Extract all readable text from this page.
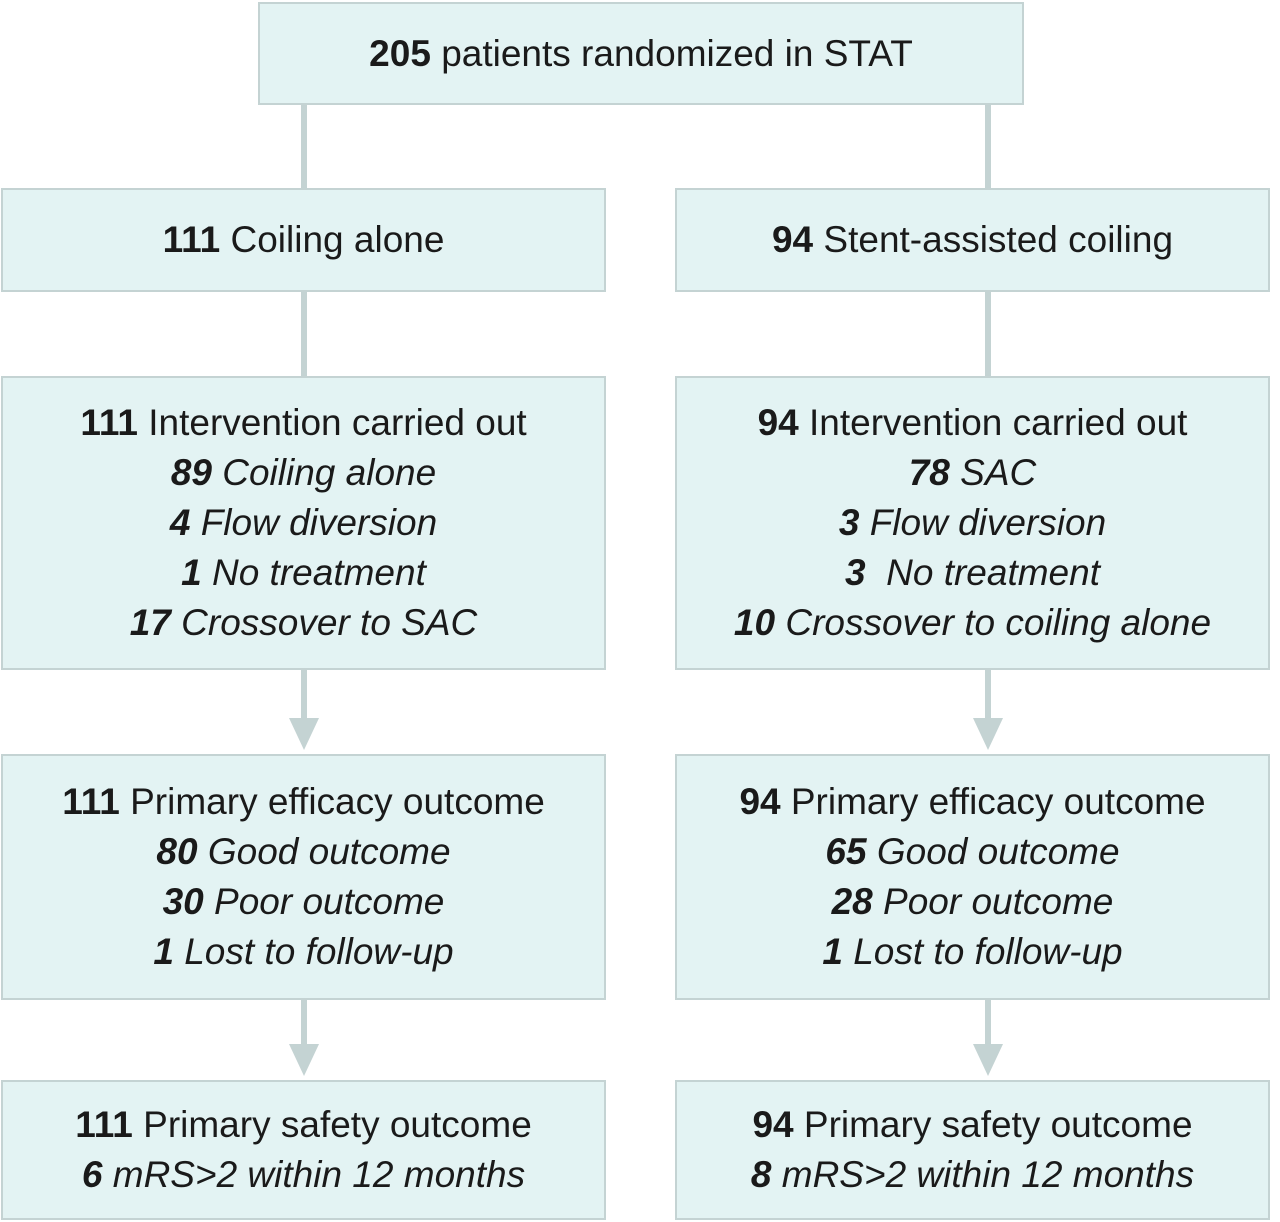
205 patients randomized in STAT
111 Coiling alone	94 Stent-assisted coiling
111 Intervention carried out
89 Coiling alone
4 Flow diversion
1 No treatment
17 Crossover to SAC
94 Intervention carried out
78 SAC
3 Flow diversion
3  No treatment
10 Crossover to coiling alone
111 Primary efficacy outcome
80 Good outcome
30 Poor outcome
1 Lost to follow-up
94 Primary efficacy outcome
65 Good outcome
28 Poor outcome
1 Lost to follow-up
111 Primary safety outcome
6 mRS>2 within 12 months
94 Primary safety outcome
8 mRS>2 within 12 months
